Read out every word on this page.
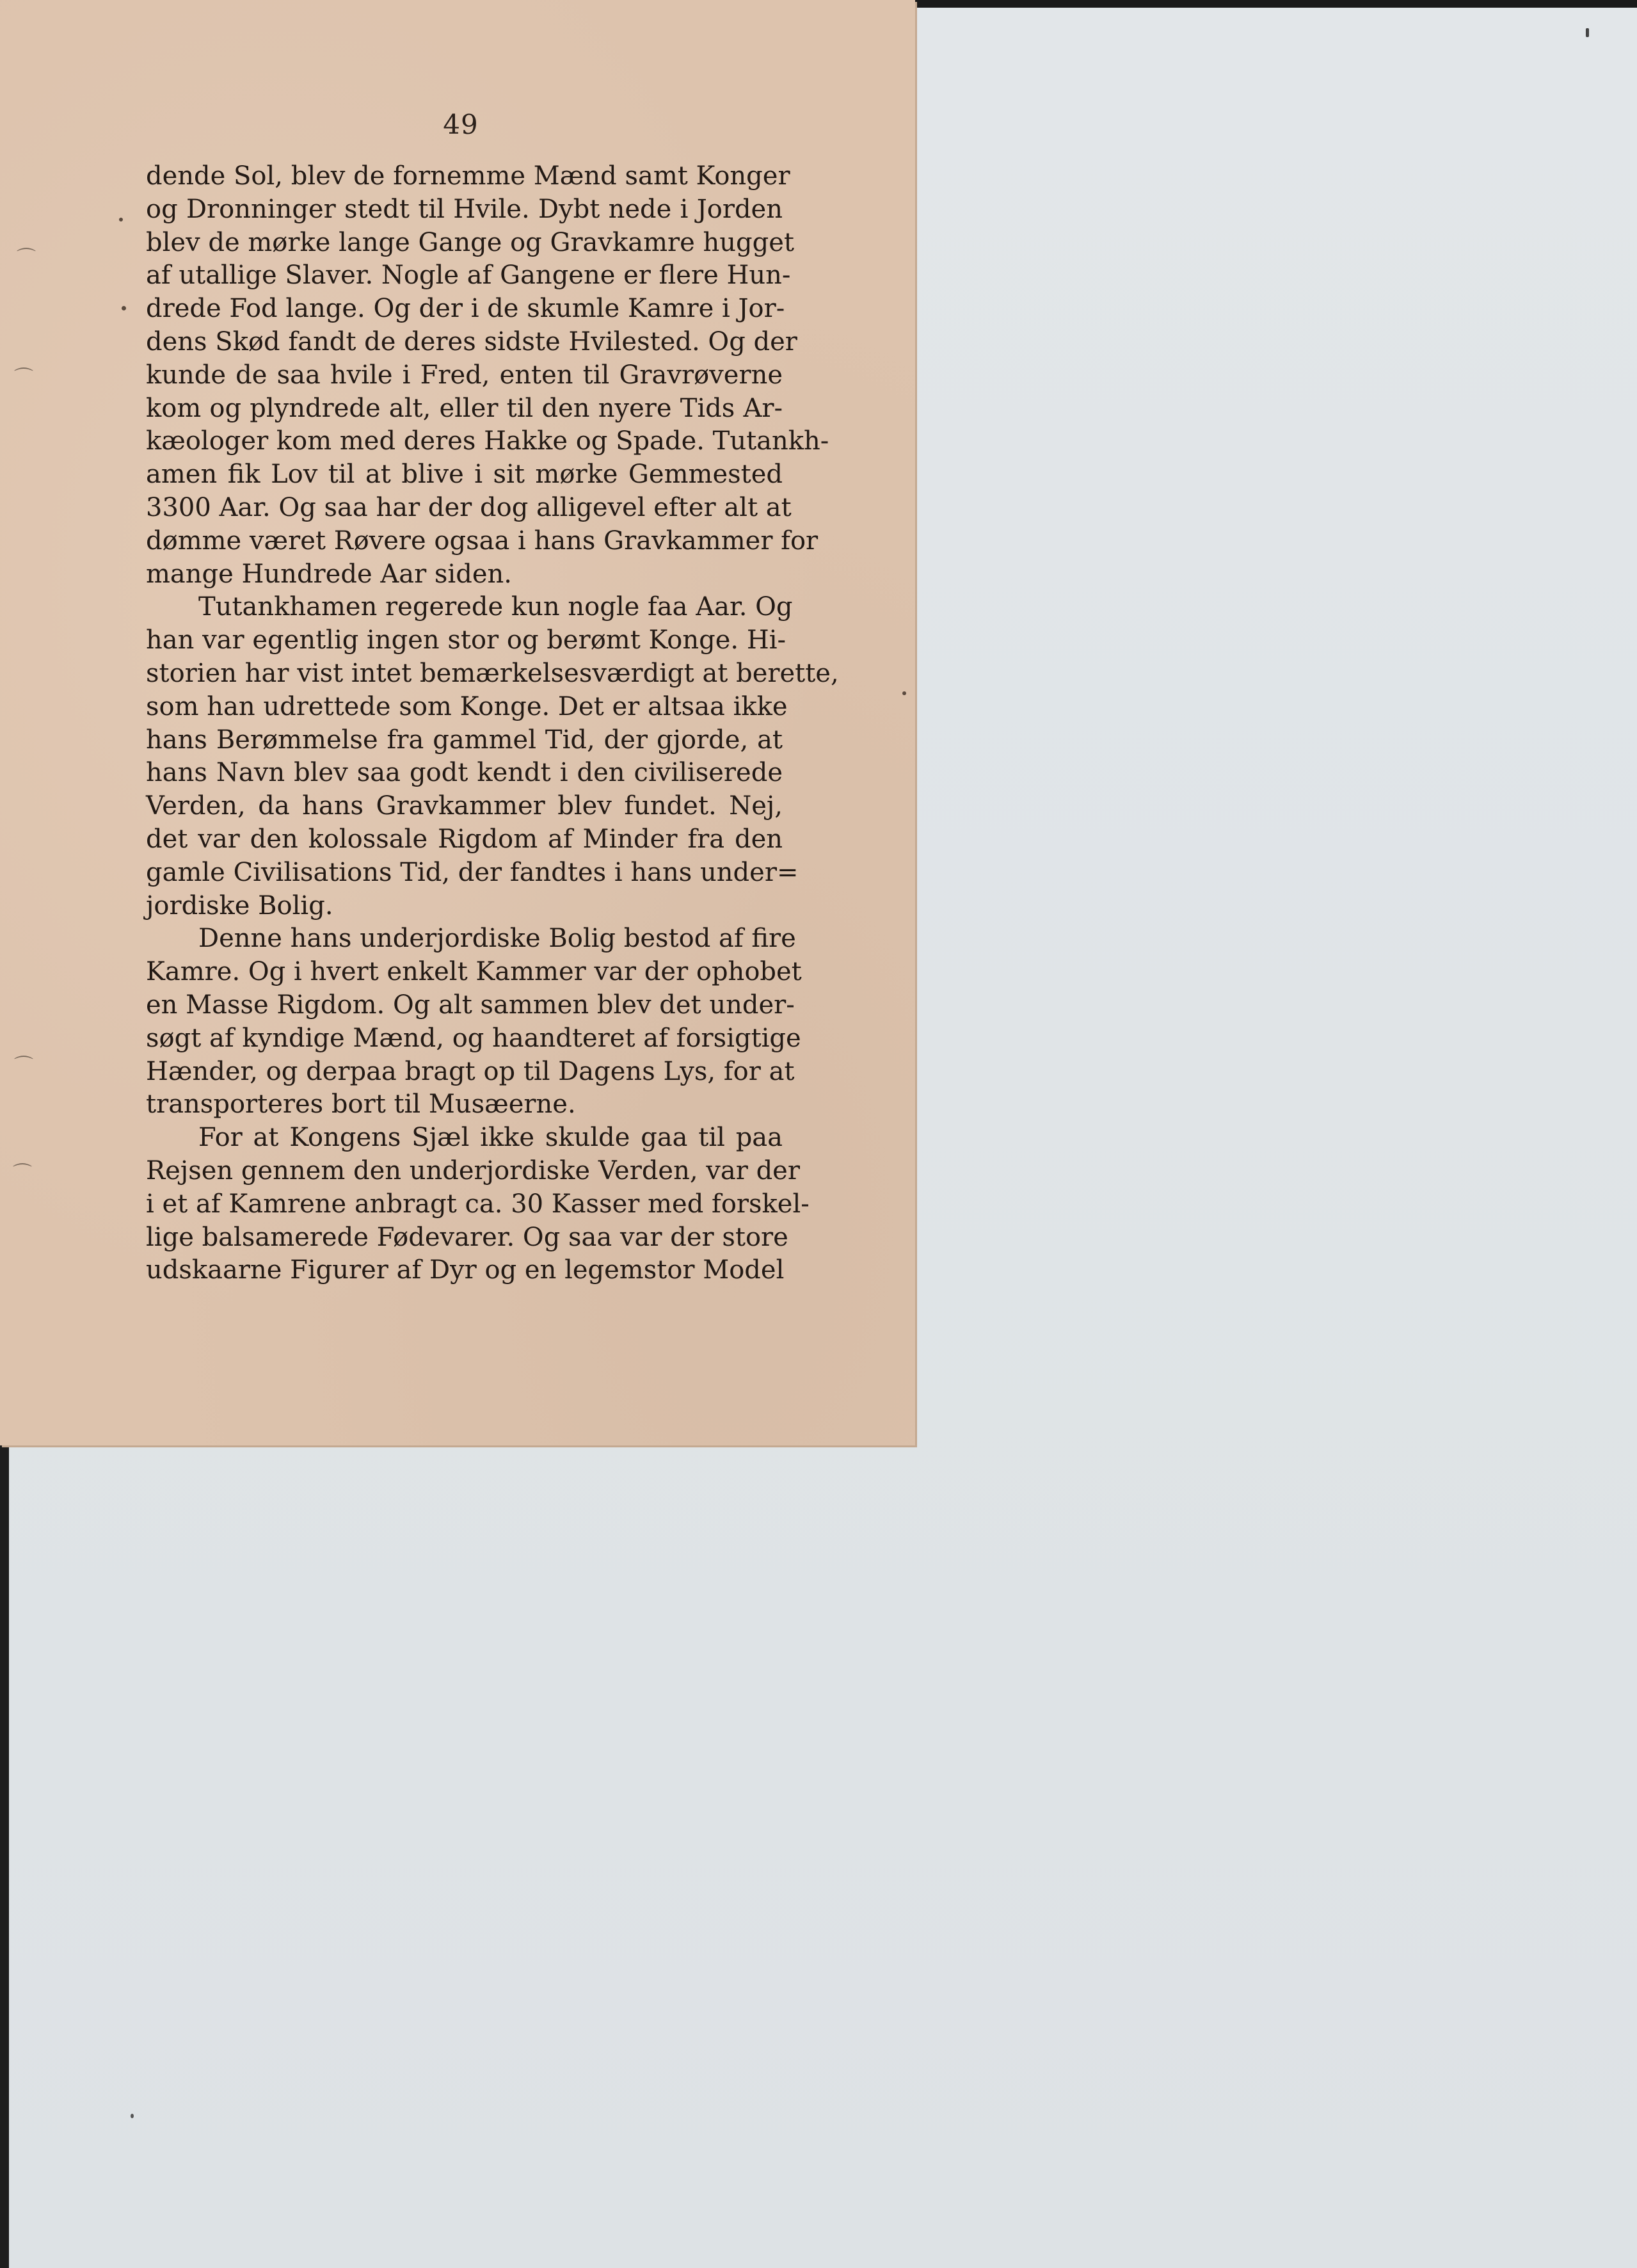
49
dende Sol, blev de fornemme Mænd samt Konger
og Dronninger stedt til Hvile. Dybt nede i Jorden
blev de mørke lange Gange og Gravkamre hugget
af utallige Slaver. Nogle af Gangene er flere Hun-
drede Fod lange. Og der i de skumle Kamre i Jor-
dens Skød fandt de deres sidste Hvilested. Og der
kunde de saa hvile i Fred, enten til Gravrøverne
kom og plyndrede alt, eller til den nyere Tids Ar-
kæologer kom med deres Hakke og Spade. Tutankh-
amen fik Lov til at blive i sit mørke Gemmested
3300 Aar. Og saa har der dog alligevel efter alt at
dømme været Røvere ogsaa i hans Gravkammer for
mange Hundrede Aar siden.
Tutankhamen regerede kun nogle faa Aar. Og
han var egentlig ingen stor og berømt Konge. Hi-
storien har vist intet bemærkelsesværdigt at berette,
som han udrettede som Konge. Det er altsaa ikke
hans Berømmelse fra gammel Tid, der gjorde, at
hans Navn blev saa godt kendt i den civiliserede
Verden, da hans Gravkammer blev fundet. Nej,
det var den kolossale Rigdom af Minder fra den
gamle Civilisations Tid, der fandtes i hans under=
jordiske Bolig.
Denne hans underjordiske Bolig bestod af fire
Kamre. Og i hvert enkelt Kammer var der ophobet
en Masse Rigdom. Og alt sammen blev det under-
søgt af kyndige Mænd, og haandteret af forsigtige
Hænder, og derpaa bragt op til Dagens Lys, for at
transporteres bort til Musæerne.
For at Kongens Sjæl ikke skulde gaa til paa
Rejsen gennem den underjordiske Verden, var der
i et af Kamrene anbragt ca. 30 Kasser med forskel-
lige balsamerede Fødevarer. Og saa var der store
udskaarne Figurer af Dyr og en legemstor Model
⌒
⌒
⌒
⌒
